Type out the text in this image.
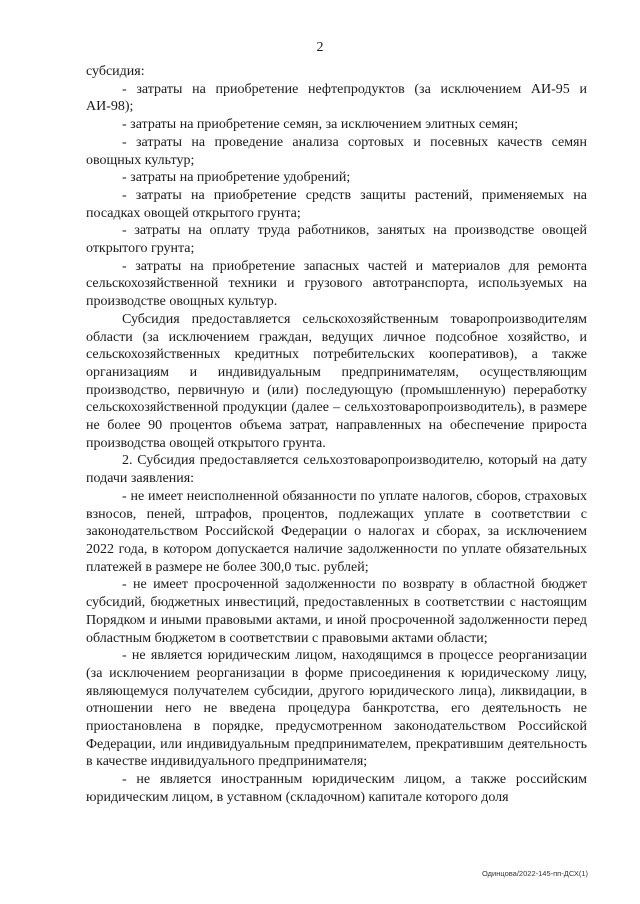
2

субсидия:

- затраты на приобретение нефтепродуктов (за исключением АИ-95 и АИ-98);

- затраты на приобретение семян, за исключением элитных семян;

- затраты на проведение анализа сортовых и посевных качеств семян овощных культур;

- затраты на приобретение удобрений;

- затраты на приобретение средств защиты растений, применяемых на посадках овощей открытого грунта;

- затраты на оплату труда работников, занятых на производстве овощей открытого грунта;

- затраты на приобретение запасных частей и материалов для ремонта сельскохозяйственной техники и грузового автотранспорта, используемых на производстве овощных культур.

Субсидия предоставляется сельскохозяйственным товаропроизводителям области (за исключением граждан, ведущих личное подсобное хозяйство, и сельскохозяйственных кредитных потребительских кооперативов), а также организациям и индивидуальным предпринимателям, осуществляющим производство, первичную и (или) последующую (промышленную) переработку сельскохозяйственной продукции (далее – сельхозтоваропроизводитель), в размере не более 90 процентов объема затрат, направленных на обеспечение прироста производства овощей открытого грунта.

2. Субсидия предоставляется сельхозтоваропроизводителю, который на дату подачи заявления:

- не имеет неисполненной обязанности по уплате налогов, сборов, страховых взносов, пеней, штрафов, процентов, подлежащих уплате в соответствии с законодательством Российской Федерации о налогах и сборах, за исключением 2022 года, в котором допускается наличие задолженности по уплате обязательных платежей в размере не более 300,0 тыс. рублей;

- не имеет просроченной задолженности по возврату в областной бюджет субсидий, бюджетных инвестиций, предоставленных в соответствии с настоящим Порядком и иными правовыми актами, и иной просроченной задолженности перед областным бюджетом в соответствии с правовыми актами области;

- не является юридическим лицом, находящимся в процессе реорганизации (за исключением реорганизации в форме присоединения к юридическому лицу, являющемуся получателем субсидии, другого юридического лица), ликвидации, в отношении него не введена процедура банкротства, его деятельность не приостановлена в порядке, предусмотренном законодательством Российской Федерации, или индивидуальным предпринимателем, прекратившим деятельность в качестве индивидуального предпринимателя;

- не является иностранным юридическим лицом, а также российским юридическим лицом, в уставном (складочном) капитале которого доля

Одинцова/2022-145-пп-ДСХ(1)
